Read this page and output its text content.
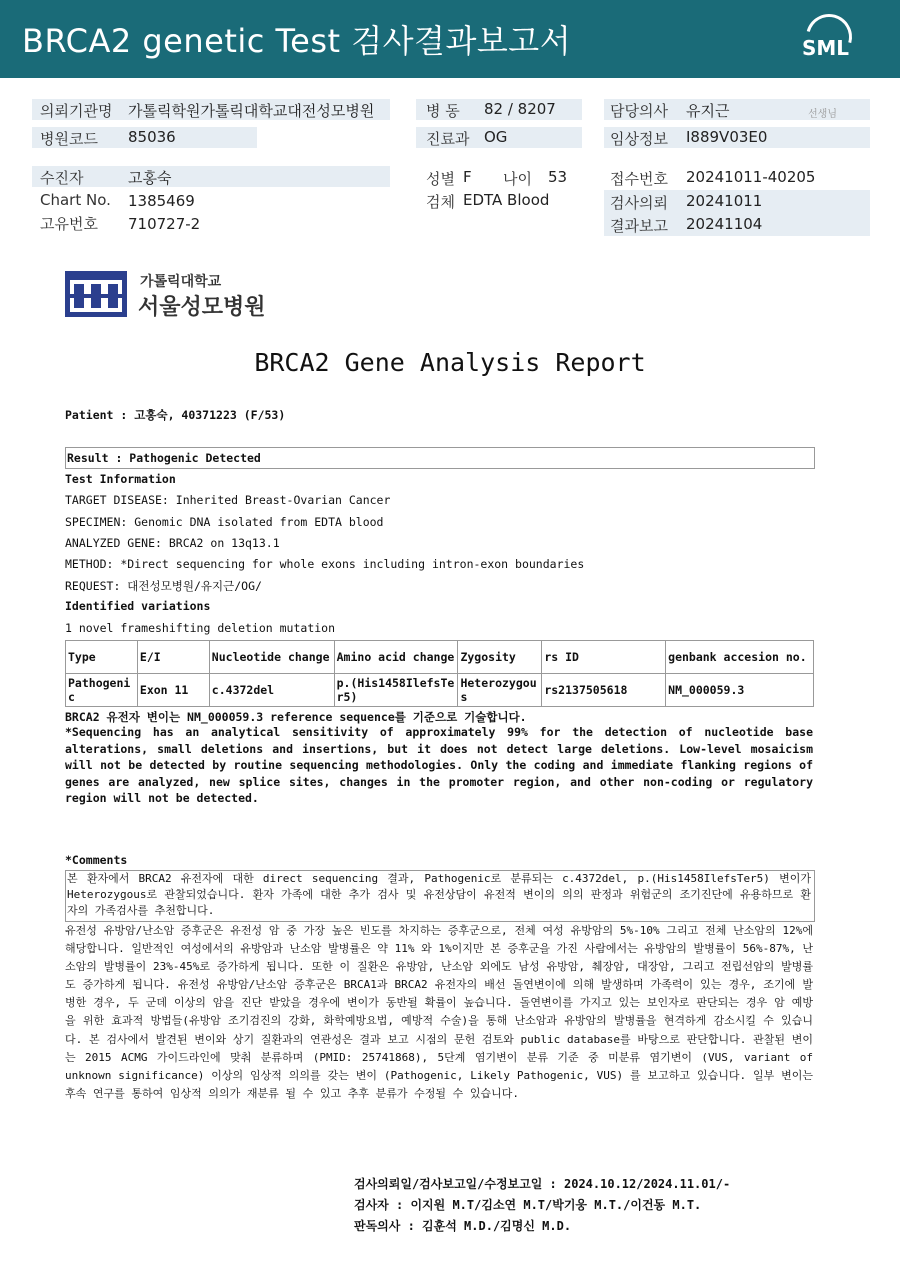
BRCA2 genetic Test 검사결과보고서	SML
의뢰기관명 가톨릭학원가톨릭대학교대전성모병원
병원코드 85036
병 동 82 / 8207
진료과 OG
담당의사 유지근	선생님
임상정보 I889V03E0
수진자	고홍숙
Chart No. 1385469
고유번호 710727-2
성별 F 나이 53
검체 EDTA Blood
접수번호 20241011-40205
검사의뢰 20241011
결과보고 20241104
가톨릭대학교
서울성모병원
BRCA2 Gene Analysis Report
Patient : 고홍숙, 40371223 (F/53)
Result : Pathogenic Detected
Test Information
TARGET DISEASE: Inherited Breast-Ovarian Cancer
SPECIMEN: Genomic DNA isolated from EDTA blood
ANALYZED GENE: BRCA2 on 13q13.1
METHOD: *Direct sequencing for whole exons including intron-exon boundaries
REQUEST: 대전성모병원/유지근/OG/
Identified variations
1 novel frameshifting deletion mutation
Type	E/I	Nucleotide change	Amino acid change	Zygosity	rs ID	genbank accesion no.
Pathogenic	Exon 11	c.4372del	p.(His1458IlefsTer5)	Heterozygous	rs2137505618	NM_000059.3
BRCA2 유전자 변이는 NM_000059.3 reference sequence를 기준으로 기술합니다.
*Sequencing has an analytical sensitivity of approximately 99% for the detection of nucleotide base alterations, small deletions and insertions, but it does not detect large deletions. Low-level mosaicism will not be detected by routine sequencing methodologies. Only the coding and immediate flanking regions of genes are analyzed, new splice sites, changes in the promoter region, and other non-coding or regulatory region will not be detected.
*Comments
본 환자에서 BRCA2 유전자에 대한 direct sequencing 결과, Pathogenic로 분류되는 c.4372del, p.(His1458IlefsTer5) 변이가 Heterozygous로 관찰되었습니다. 환자 가족에 대한 추가 검사 및 유전상담이 유전적 변이의 의의 판정과 위험군의 조기진단에 유용하므로 환자의 가족검사를 추천합니다.
유전성 유방암/난소암 증후군은 유전성 암 중 가장 높은 빈도를 차지하는 증후군으로, 전체 여성 유방암의 5%-10% 그리고 전체 난소암의 12%에 해당합니다. 일반적인 여성에서의 유방암과 난소암 발병률은 약 11% 와 1%이지만 본 증후군을 가진 사람에서는 유방암의 발병률이 56%-87%, 난소암의 발병률이 23%-45%로 증가하게 됩니다. 또한 이 질환은 유방암, 난소암 외에도 남성 유방암, 췌장암, 대장암, 그리고 전립선암의 발병률도 증가하게 됩니다. 유전성 유방암/난소암 증후군은 BRCA1과 BRCA2 유전자의 배선 돌연변이에 의해 발생하며 가족력이 있는 경우, 조기에 발병한 경우, 두 군데 이상의 암을 진단 받았을 경우에 변이가 동반될 확률이 높습니다. 돌연변이를 가지고 있는 보인자로 판단되는 경우 암 예방을 위한 효과적 방법들(유방암 조기검진의 강화, 화학예방요법, 예방적 수술)을 통해 난소암과 유방암의 발병률을 현격하게 감소시킬 수 있습니다. 본 검사에서 발견된 변이와 상기 질환과의 연관성은 결과 보고 시점의 문헌 검토와 public database를 바탕으로 판단합니다. 관찰된 변이는 2015 ACMG 가이드라인에 맞춰 분류하며 (PMID: 25741868), 5단계 염기변이 분류 기준 중 미분류 염기변이 (VUS, variant of unknown significance) 이상의 임상적 의의를 갖는 변이 (Pathogenic, Likely Pathogenic, VUS) 를 보고하고 있습니다. 일부 변이는 후속 연구를 통하여 임상적 의의가 재분류 될 수 있고 추후 분류가 수정될 수 있습니다.
검사의뢰일/검사보고일/수정보고일 : 2024.10.12/2024.11.01/-
검사자 : 이지원 M.T/김소연 M.T/박기웅 M.T./이건동 M.T.
판독의사 : 김훈석 M.D./김명신 M.D.
